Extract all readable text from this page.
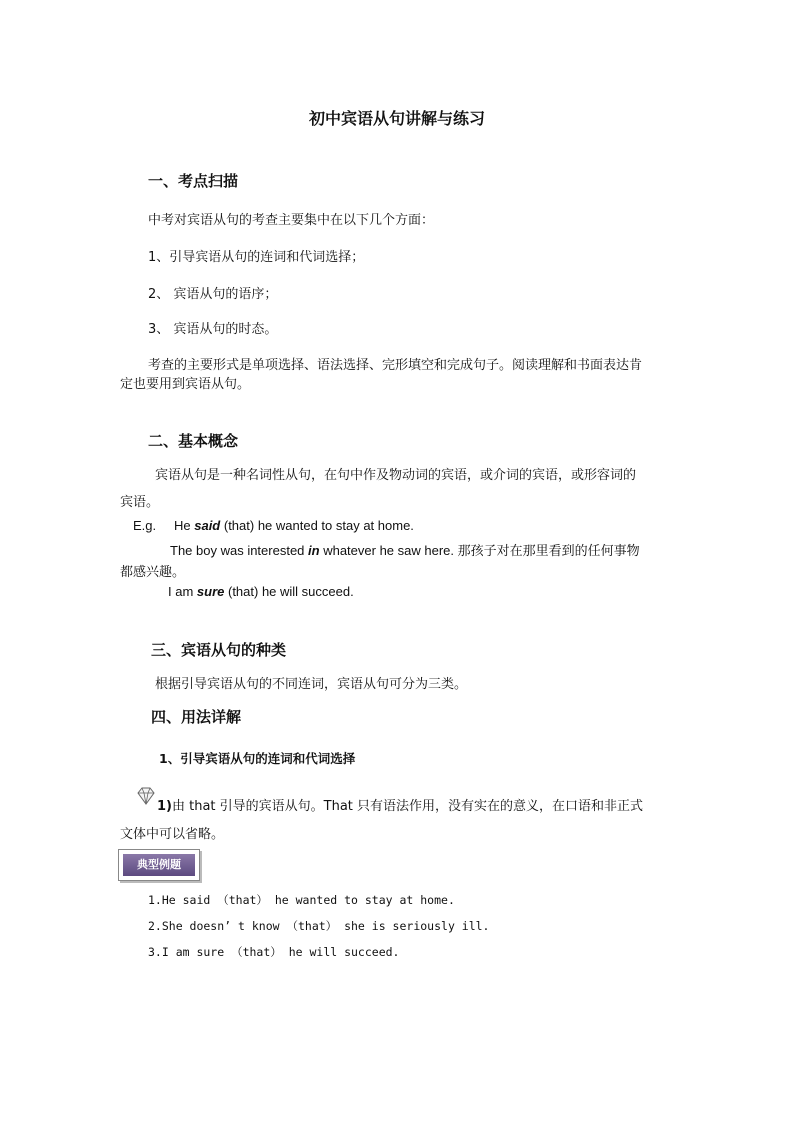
初中宾语从句讲解与练习
一、考点扫描
中考对宾语从句的考查主要集中在以下几个方面：
1、引导宾语从句的连词和代词选择；
2、 宾语从句的语序；
3、 宾语从句的时态。
考查的主要形式是单项选择、语法选择、完形填空和完成句子。阅读理解和书面表达肯
定也要用到宾语从句。
二、基本概念
宾语从句是一种名词性从句，在句中作及物动词的宾语，或介词的宾语，或形容词的
宾语。
E.g. He said (that) he wanted to stay at home.
The boy was interested in whatever he saw here. 那孩子对在那里看到的任何事物
都感兴趣。
I am sure (that) he will succeed.
三、宾语从句的种类
根据引导宾语从句的不同连词，宾语从句可分为三类。
四、用法详解
1、引导宾语从句的连词和代词选择
1)由 that 引导的宾语从句。That 只有语法作用，没有实在的意义，在口语和非正式
文体中可以省略。
典型例题
1.He said （that） he wanted to stay at home.
2.She doesn’ t know （that） she is seriously ill.
3.I am sure （that） he will succeed.
